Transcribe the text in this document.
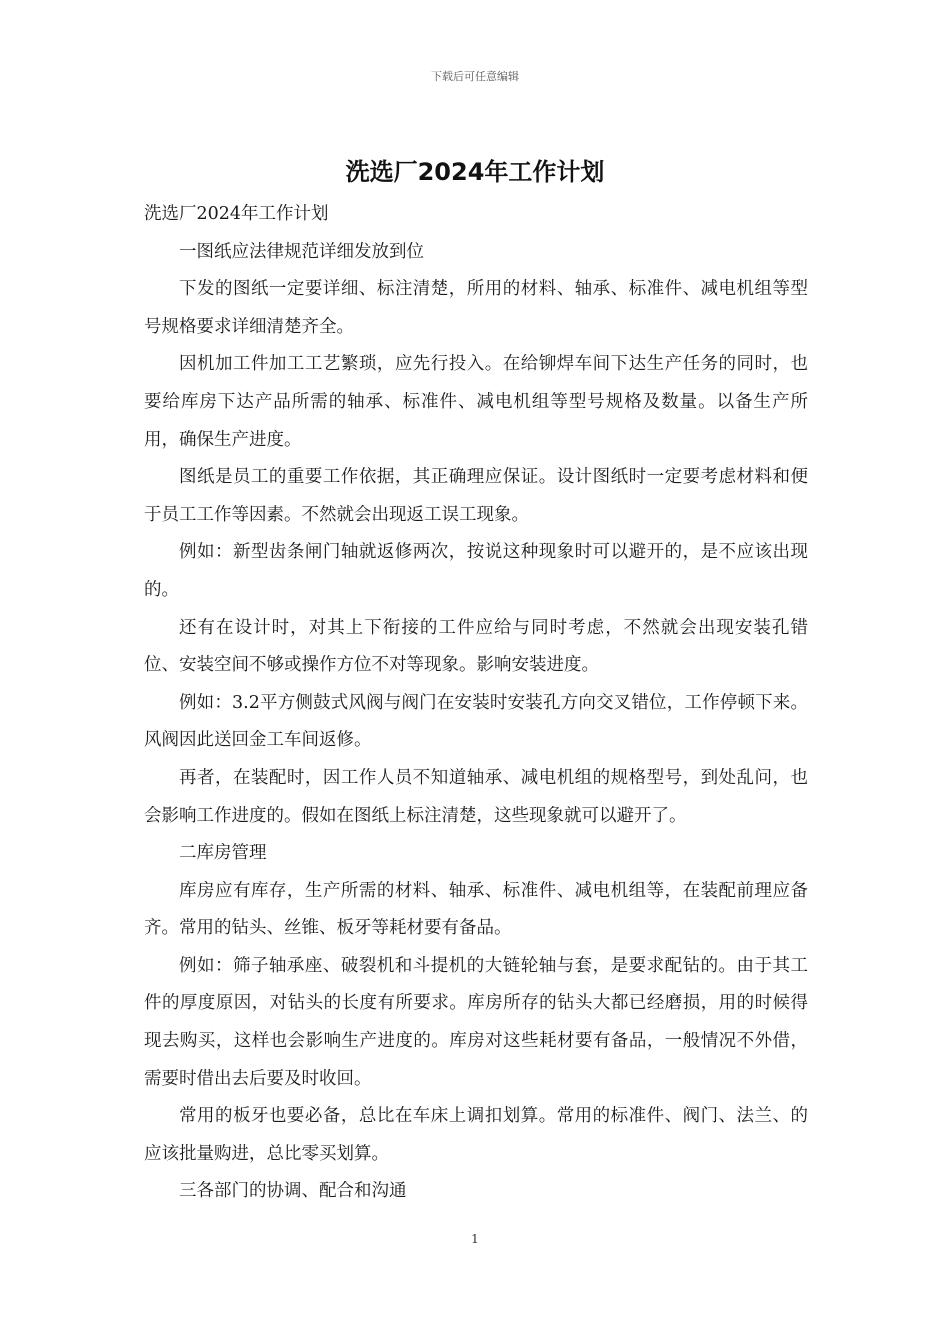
下载后可任意编辑
洗选厂2024年工作计划

洗选厂2024年工作计划

一图纸应法律规范详细发放到位

下发的图纸一定要详细、标注清楚，所用的材料、轴承、标准件、减电机组等型号规格要求详细清楚齐全。

因机加工件加工工艺繁琐，应先行投入。在给铆焊车间下达生产任务的同时，也要给库房下达产品所需的轴承、标准件、减电机组等型号规格及数量。以备生产所用，确保生产进度。

图纸是员工的重要工作依据，其正确理应保证。设计图纸时一定要考虑材料和便于员工工作等因素。不然就会出现返工误工现象。

例如：新型齿条闸门轴就返修两次，按说这种现象时可以避开的，是不应该出现的。

还有在设计时，对其上下衔接的工件应给与同时考虑，不然就会出现安装孔错位、安装空间不够或操作方位不对等现象。影响安装进度。

例如：3.2平方侧鼓式风阀与阀门在安装时安装孔方向交叉错位，工作停顿下来。风阀因此送回金工车间返修。

再者，在装配时，因工作人员不知道轴承、减电机组的规格型号，到处乱问，也会影响工作进度的。假如在图纸上标注清楚，这些现象就可以避开了。

二库房管理

库房应有库存，生产所需的材料、轴承、标准件、减电机组等，在装配前理应备齐。常用的钻头、丝锥、板牙等耗材要有备品。

例如：筛子轴承座、破裂机和斗提机的大链轮轴与套，是要求配钻的。由于其工件的厚度原因，对钻头的长度有所要求。库房所存的钻头大都已经磨损，用的时候得现去购买，这样也会影响生产进度的。库房对这些耗材要有备品，一般情况不外借，需要时借出去后要及时收回。

常用的板牙也要必备，总比在车床上调扣划算。常用的标准件、阀门、法兰、的应该批量购进，总比零买划算。

三各部门的协调、配合和沟通

1
